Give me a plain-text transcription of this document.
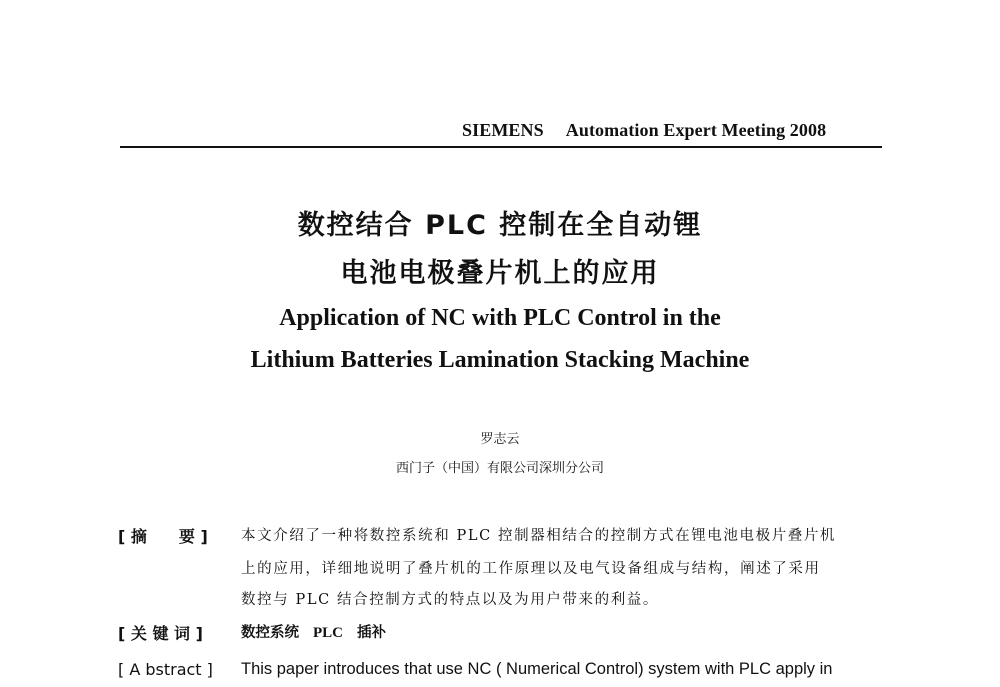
SIEMENS Automation Expert Meeting 2008
数控结合 PLC 控制在全自动锂
电池电极叠片机上的应用
Application of NC with PLC Control in the
Lithium Batteries Lamination Stacking Machine
罗志云
西门子（中国）有限公司深圳分公司
[ 摘　　要 ] 本文介绍了一种将数控系统和 PLC 控制器相结合的控制方式在锂电池电极片叠片机
上的应用，详细地说明了叠片机的工作原理以及电气设备组成与结构，阐述了采用
数控与 PLC 结合控制方式的特点以及为用户带来的利益。
[ 关 键 词 ]	数控系统 PLC 插补
[ A bstract ] This paper introduces that use NC ( Numerical Control) system with PLC apply in
